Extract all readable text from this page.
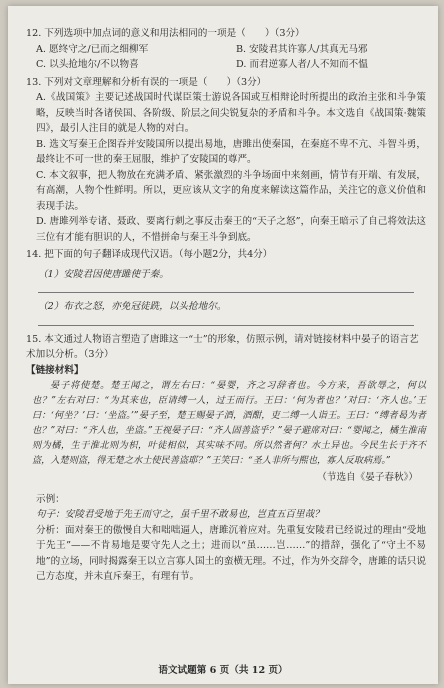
12. 下列选项中加点词的意义和用法相同的一项是（　　）（3分）

A. 愿终守之/已而之细柳军	B. 安陵君其许寡人/其真无马邪
C. 以头抢地尔/不以物喜	D. 而君逆寡人者/人不知而不愠

13. 下列对文章理解和分析有误的一项是（　　）（3分）

A.《战国策》主要记述战国时代谋臣策士游说各国或互相辩论时所提出的政治主张和斗争策略，反映当时各诸侯国、各阶级、阶层之间尖锐复杂的矛盾和斗争。本文选自《战国策·魏策四》，最引人注目的就是人物的对白。

B. 选文写秦王企图吞并安陵国所以提出易地，唐雎出使秦国，在秦庭不卑不亢、斗智斗勇，最终让不可一世的秦王屈服，维护了安陵国的尊严。

C. 本文叙事，把人物放在充满矛盾、紧张激烈的斗争场面中来刻画，情节有开端、有发展，有高潮，人物个性鲜明。所以，更应该从文字的角度来解读这篇作品，关注它的意义价值和表现手法。

D. 唐雎列举专诸、聂政、要离行刺之事反击秦王的“天子之怒”，向秦王暗示了自己将效法这三位有才能有胆识的人，不惜拼命与秦王斗争到底。

14. 把下面的句子翻译成现代汉语。（每小题2分，共4分）

（1）安陵君因使唐雎使于秦。

（2）布衣之怒，亦免冠徒跣，以头抢地尔。

15. 本文通过人物语言塑造了唐雎这一“士”的形象，仿照示例，请对链接材料中晏子的语言艺术加以分析。（3分）

【链接材料】

晏子将使楚。楚王闻之，谓左右曰：“晏婴，齐之习辞者也。今方来，吾欲辱之，何以也？”左右对曰：“为其来也，臣请缚一人，过王而行。王曰：‘何为者也？’对曰：‘齐人也。’王曰：‘何坐？’曰：‘坐盗。’”晏子至，楚王赐晏子酒，酒酣，吏二缚一人诣王。王曰：“缚者曷为者也？”对曰：“齐人也，坐盗。”王视晏子曰：“齐人固善盗乎？”晏子避席对曰：“婴闻之，橘生淮南则为橘，生于淮北则为枳，叶徒相似，其实味不同。所以然者何？水土异也。今民生长于齐不盗，入楚则盗，得无楚之水土使民善盗耶？”王笑曰：“圣人非所与熙也，寡人反取病焉。”

（节选自《晏子春秋》）

示例：

句子：安陵君受地于先王而守之，虽千里不敢易也，岂直五百里哉？

分析：面对秦王的傲慢自大和咄咄逼人，唐雎沉着应对。先重复安陵君已经说过的理由“受地于先王”——不肯易地是要守先人之土；进而以“虽……岂……”的措辞，强化了“守土不易地”的立场，同时揭露秦王以立言寡人国土的蛮横无理。不过，作为外交辞令，唐雎的话只说己方态度，并未直斥秦王，有理有节。

语文试题第 6 页（共 12 页）
